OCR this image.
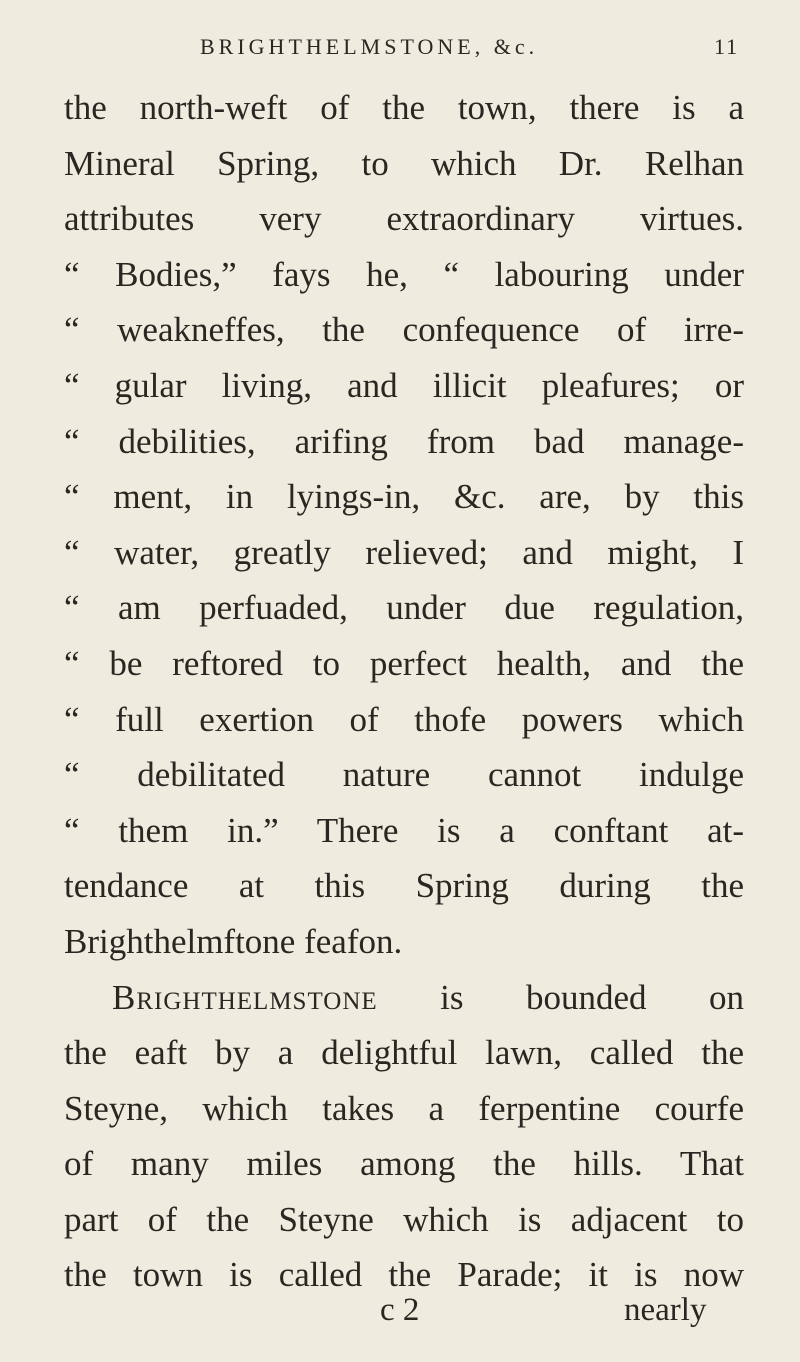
BRIGHTHELMSTONE, &c.	11
the north-weft of the town, there is a
Mineral Spring, to which Dr. Relhan
attributes very extraordinary virtues.
“ Bodies,” fays he, “ labouring under
“ weakneffes, the confequence of irre-
“ gular living, and illicit pleafures; or
“ debilities, arifing from bad manage-
“ ment, in lyings-in, &c. are, by this
“ water, greatly relieved; and might, I
“ am perfuaded, under due regulation,
“ be reftored to perfect health, and the
“ full exertion of thofe powers which
“ debilitated nature cannot indulge
“ them in.” There is a conftant at-
tendance at this Spring during the
Brighthelmftone feafon.
Brighthelmstone is bounded on
the eaft by a delightful lawn, called the
Steyne, which takes a ferpentine courfe
of many miles among the hills. That
part of the Steyne which is adjacent to
the town is called the Parade; it is now
c 2	nearly
